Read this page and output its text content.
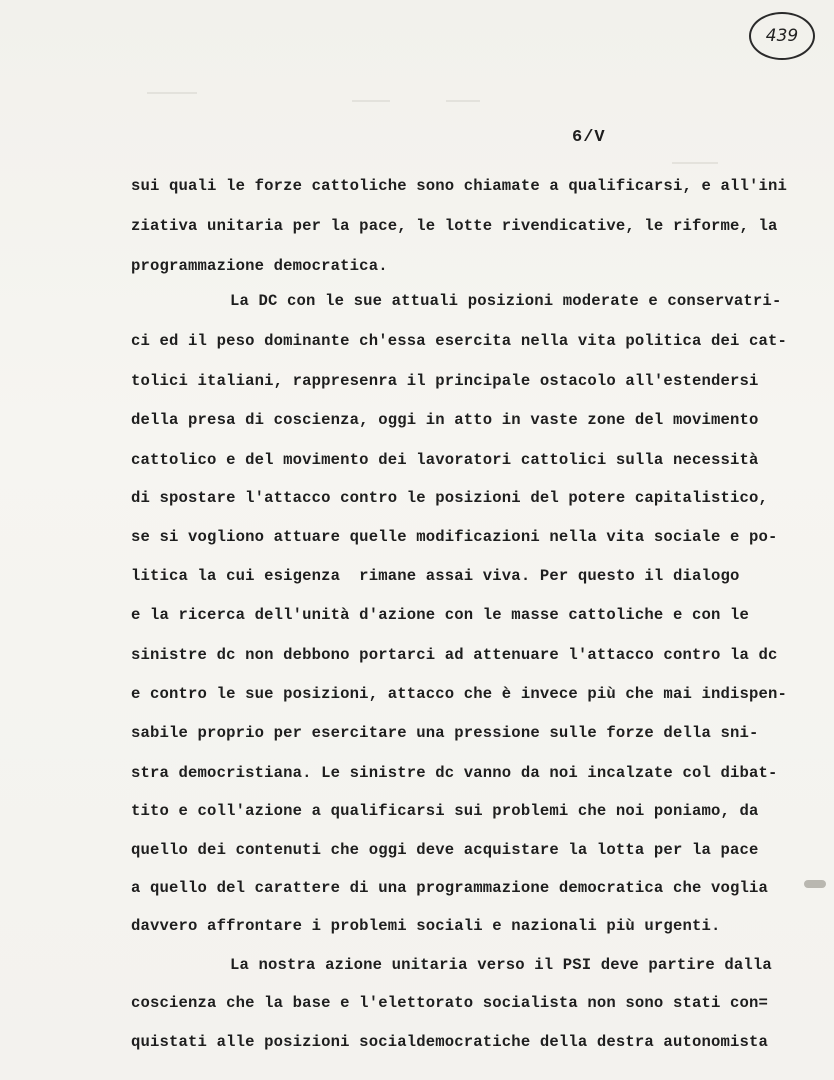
439
6/V
sui quali le forze cattoliche sono chiamate a qualificarsi, e all'ini
ziativa unitaria per la pace, le lotte rivendicative, le riforme, la
programmazione democratica.
La DC con le sue attuali posizioni moderate e conservatri-
ci ed il peso dominante ch'essa esercita nella vita politica dei cat-
tolici italiani, rappresenra il principale ostacolo all'estendersi
della presa di coscienza, oggi in atto in vaste zone del movimento
cattolico e del movimento dei lavoratori cattolici sulla necessità
di spostare l'attacco contro le posizioni del potere capitalistico,
se si vogliono attuare quelle modificazioni nella vita sociale e po-
litica la cui esigenza  rimane assai viva. Per questo il dialogo
e la ricerca dell'unità d'azione con le masse cattoliche e con le
sinistre dc non debbono portarci ad attenuare l'attacco contro la dc
e contro le sue posizioni, attacco che è invece più che mai indispen-
sabile proprio per esercitare una pressione sulle forze della sni-
stra democristiana. Le sinistre dc vanno da noi incalzate col dibat-
tito e coll'azione a qualificarsi sui problemi che noi poniamo, da
quello dei contenuti che oggi deve acquistare la lotta per la pace
a quello del carattere di una programmazione democratica che voglia
davvero affrontare i problemi sociali e nazionali più urgenti.
La nostra azione unitaria verso il PSI deve partire dalla
coscienza che la base e l'elettorato socialista non sono stati con=
quistati alle posizioni socialdemocratiche della destra autonomista
